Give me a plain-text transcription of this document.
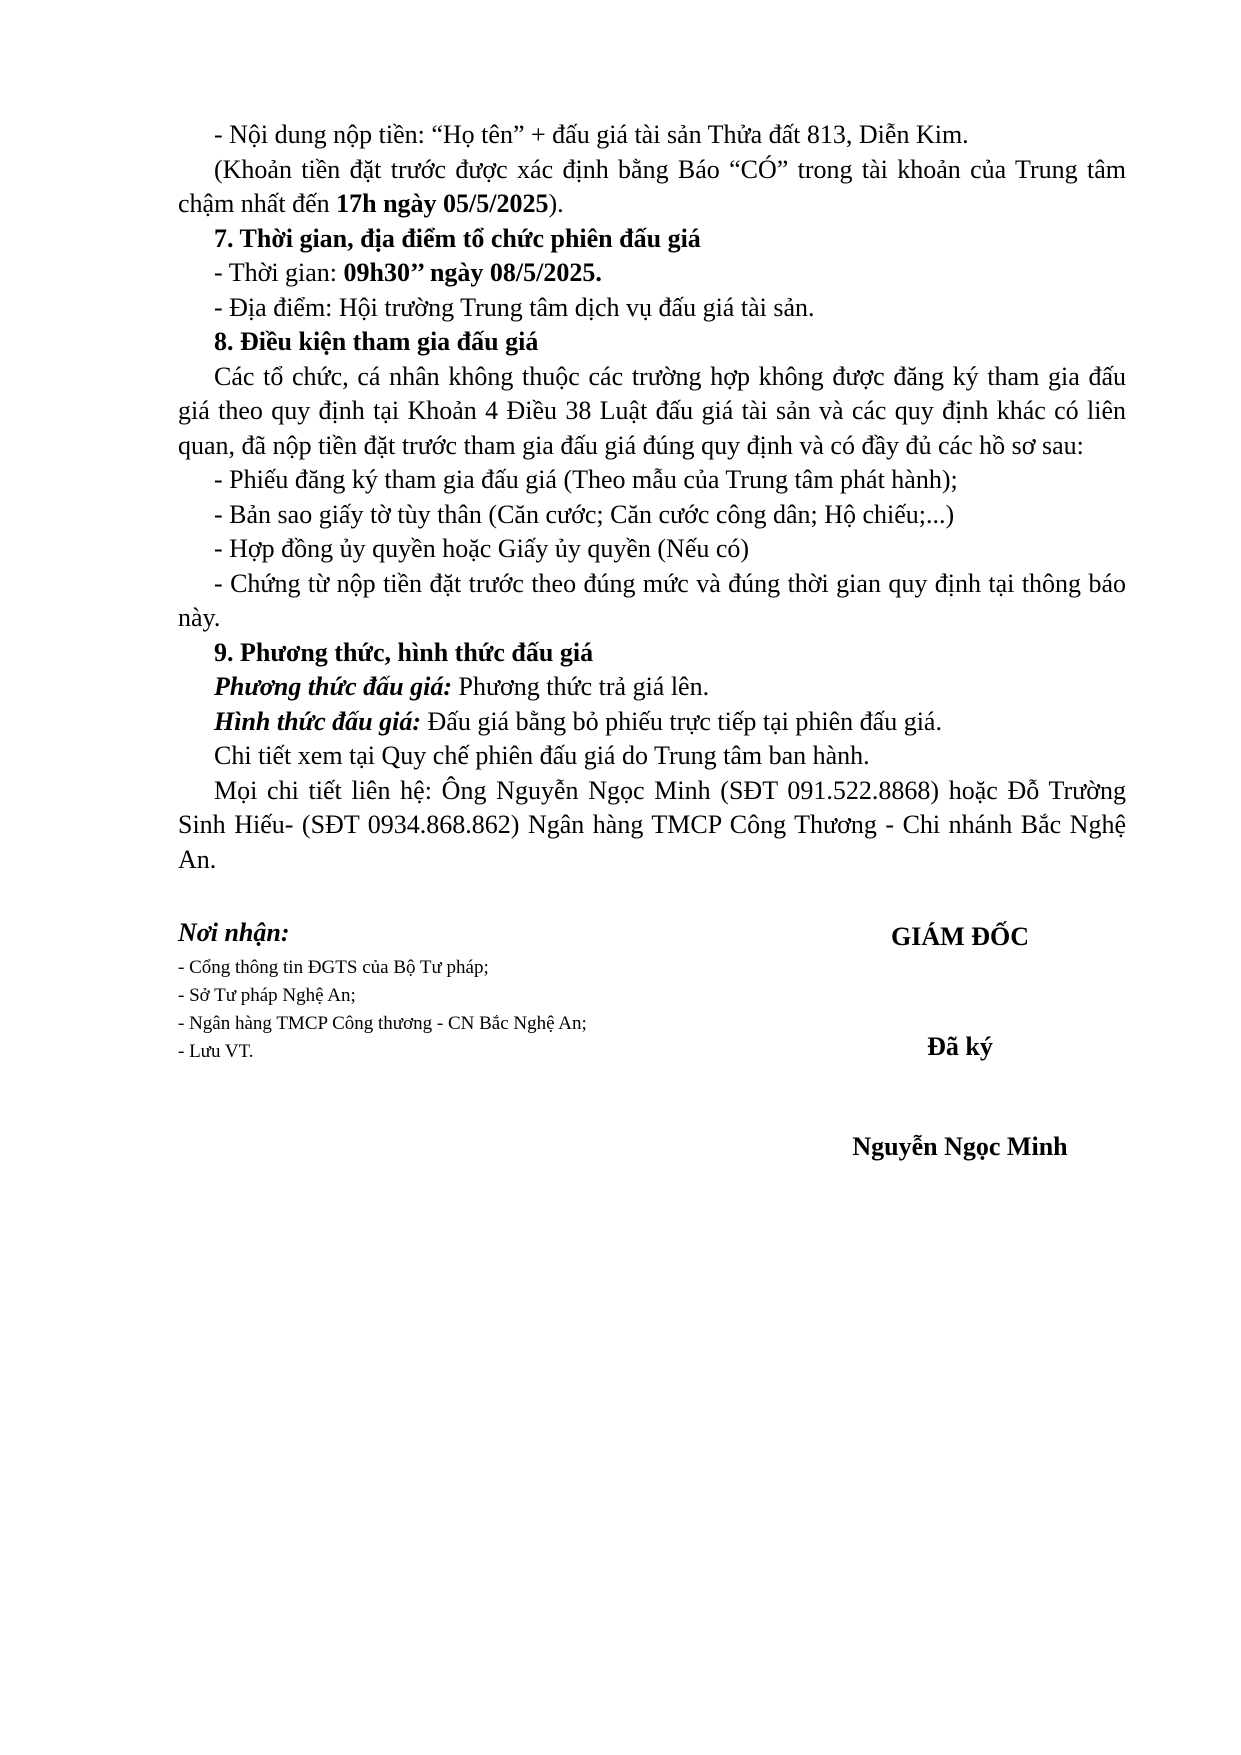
- Nội dung nộp tiền: “Họ tên” + đấu giá tài sản Thửa đất 813, Diễn Kim.

(Khoản tiền đặt trước được xác định bằng Báo “CÓ” trong tài khoản của Trung tâm chậm nhất đến 17h ngày 05/5/2025).

7. Thời gian, địa điểm tổ chức phiên đấu giá

- Thời gian: 09h30’’ ngày 08/5/2025.

- Địa điểm: Hội trường Trung tâm dịch vụ đấu giá tài sản.

8. Điều kiện tham gia đấu giá

Các tổ chức, cá nhân không thuộc các trường hợp không được đăng ký tham gia đấu giá theo quy định tại Khoản 4 Điều 38 Luật đấu giá tài sản và các quy định khác có liên quan, đã nộp tiền đặt trước tham gia đấu giá đúng quy định và có đầy đủ các hồ sơ sau:

- Phiếu đăng ký tham gia đấu giá (Theo mẫu của Trung tâm phát hành);

- Bản sao giấy tờ tùy thân (Căn cước; Căn cước công dân; Hộ chiếu;...)

- Hợp đồng ủy quyền hoặc Giấy ủy quyền (Nếu có)

- Chứng từ nộp tiền đặt trước theo đúng mức và đúng thời gian quy định tại thông báo này.

9. Phương thức, hình thức đấu giá

Phương thức đấu giá: Phương thức trả giá lên.

Hình thức đấu giá: Đấu giá bằng bỏ phiếu trực tiếp tại phiên đấu giá.

Chi tiết xem tại Quy chế phiên đấu giá do Trung tâm ban hành.

Mọi chi tiết liên hệ: Ông Nguyễn Ngọc Minh (SĐT 091.522.8868) hoặc Đỗ Trường Sinh Hiếu- (SĐT 0934.868.862) Ngân hàng TMCP Công Thương - Chi nhánh Bắc Nghệ An.

Nơi nhận:

- Cổng thông tin ĐGTS của Bộ Tư pháp;

- Sở Tư pháp Nghệ An;

- Ngân hàng TMCP Công thương - CN Bắc Nghệ An;

- Lưu VT.

GIÁM ĐỐC

Đã ký

Nguyễn Ngọc Minh
